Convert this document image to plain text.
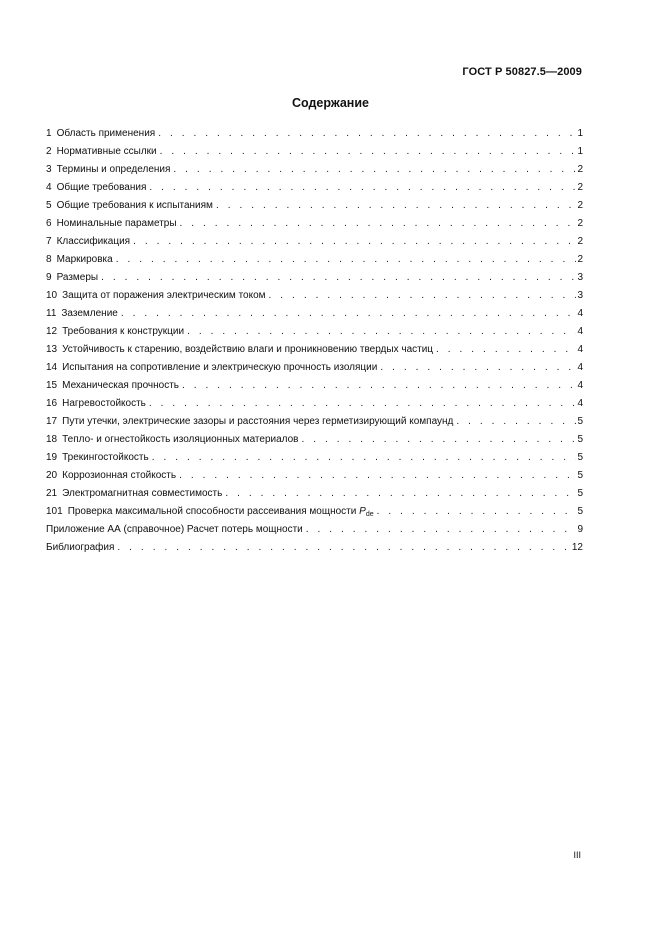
ГОСТ Р 50827.5—2009
Содержание
1 Область применения . . .	1
2 Нормативные ссылки . . .	1
3 Термины и определения . . .	2
4 Общие требования . . .	2
5 Общие требования к испытаниям . . .	2
6 Номинальные параметры . . .	2
7 Классификация . . .	2
8 Маркировка . . .	2
9 Размеры . . .	3
10 Защита от поражения электрическим током . . .	3
11 Заземление . . .	4
12 Требования к конструкции . . .	4
13 Устойчивость к старению, воздействию влаги и проникновению твердых частиц . . .	4
14 Испытания на сопротивление и электрическую прочность изоляции . . .	4
15 Механическая прочность . . .	4
16 Нагревостойкость . . .	4
17 Пути утечки, электрические зазоры и расстояния через герметизирующий компаунд . . .	5
18 Тепло- и огнестойкость изоляционных материалов . . .	5
19 Трекингостойкость . . .	5
20 Коррозионная стойкость . . .	5
21 Электромагнитная совместимость . . .	5
101 Проверка максимальной способности рассеивания мощности $P_{de}$ . . .	5
Приложение АА (справочное) Расчет потерь мощности . . .	9
Библиография . . .	12
III
